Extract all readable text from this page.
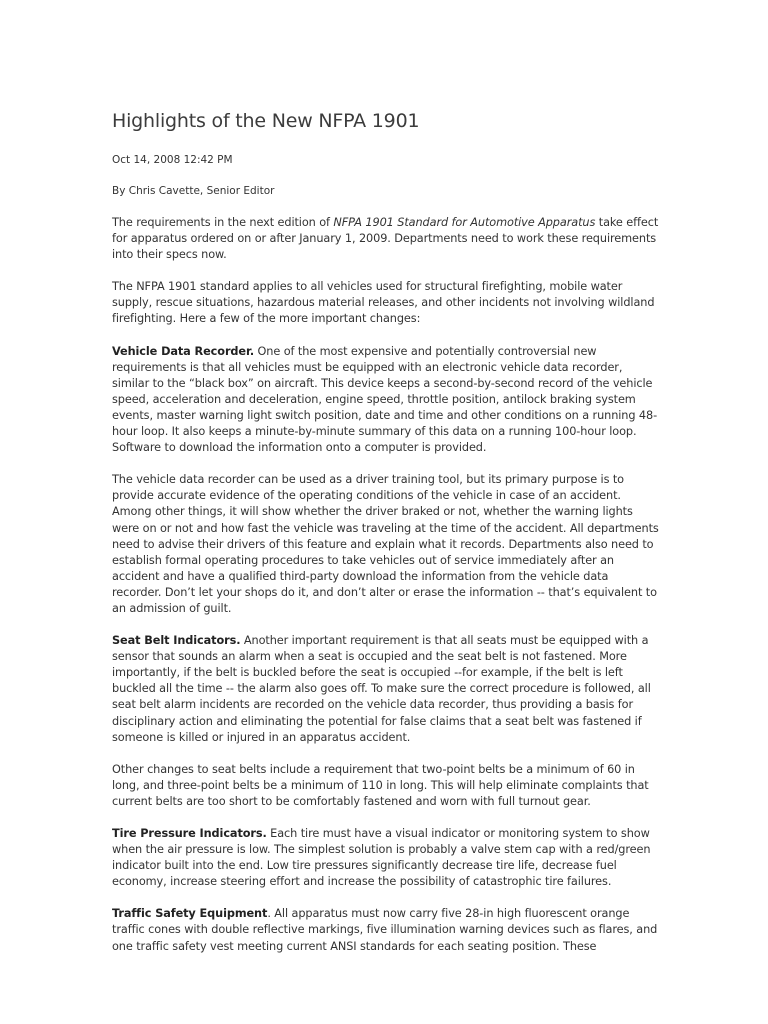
Highlights of the New NFPA 1901
Oct 14, 2008 12:42 PM
By Chris Cavette, Senior Editor

The requirements in the next edition of NFPA 1901 Standard for Automotive Apparatus take effect for apparatus ordered on or after January 1, 2009. Departments need to work these requirements into their specs now.

The NFPA 1901 standard applies to all vehicles used for structural firefighting, mobile water supply, rescue situations, hazardous material releases, and other incidents not involving wildland firefighting. Here a few of the more important changes:

Vehicle Data Recorder. One of the most expensive and potentially controversial new requirements is that all vehicles must be equipped with an electronic vehicle data recorder, similar to the “black box” on aircraft. This device keeps a second-by-second record of the vehicle speed, acceleration and deceleration, engine speed, throttle position, antilock braking system events, master warning light switch position, date and time and other conditions on a running 48-hour loop. It also keeps a minute-by-minute summary of this data on a running 100-hour loop. Software to download the information onto a computer is provided.

The vehicle data recorder can be used as a driver training tool, but its primary purpose is to provide accurate evidence of the operating conditions of the vehicle in case of an accident. Among other things, it will show whether the driver braked or not, whether the warning lights were on or not and how fast the vehicle was traveling at the time of the accident. All departments need to advise their drivers of this feature and explain what it records. Departments also need to establish formal operating procedures to take vehicles out of service immediately after an accident and have a qualified third-party download the information from the vehicle data recorder. Don’t let your shops do it, and don’t alter or erase the information -- that’s equivalent to an admission of guilt.

Seat Belt Indicators. Another important requirement is that all seats must be equipped with a sensor that sounds an alarm when a seat is occupied and the seat belt is not fastened. More importantly, if the belt is buckled before the seat is occupied --for example, if the belt is left buckled all the time -- the alarm also goes off. To make sure the correct procedure is followed, all seat belt alarm incidents are recorded on the vehicle data recorder, thus providing a basis for disciplinary action and eliminating the potential for false claims that a seat belt was fastened if someone is killed or injured in an apparatus accident.

Other changes to seat belts include a requirement that two-point belts be a minimum of 60 in long, and three-point belts be a minimum of 110 in long. This will help eliminate complaints that current belts are too short to be comfortably fastened and worn with full turnout gear.

Tire Pressure Indicators. Each tire must have a visual indicator or monitoring system to show when the air pressure is low. The simplest solution is probably a valve stem cap with a red/green indicator built into the end. Low tire pressures significantly decrease tire life, decrease fuel economy, increase steering effort and increase the possibility of catastrophic tire failures.

Traffic Safety Equipment. All apparatus must now carry five 28-in high fluorescent orange traffic cones with double reflective markings, five illumination warning devices such as flares, and one traffic safety vest meeting current ANSI standards for each seating position. These
